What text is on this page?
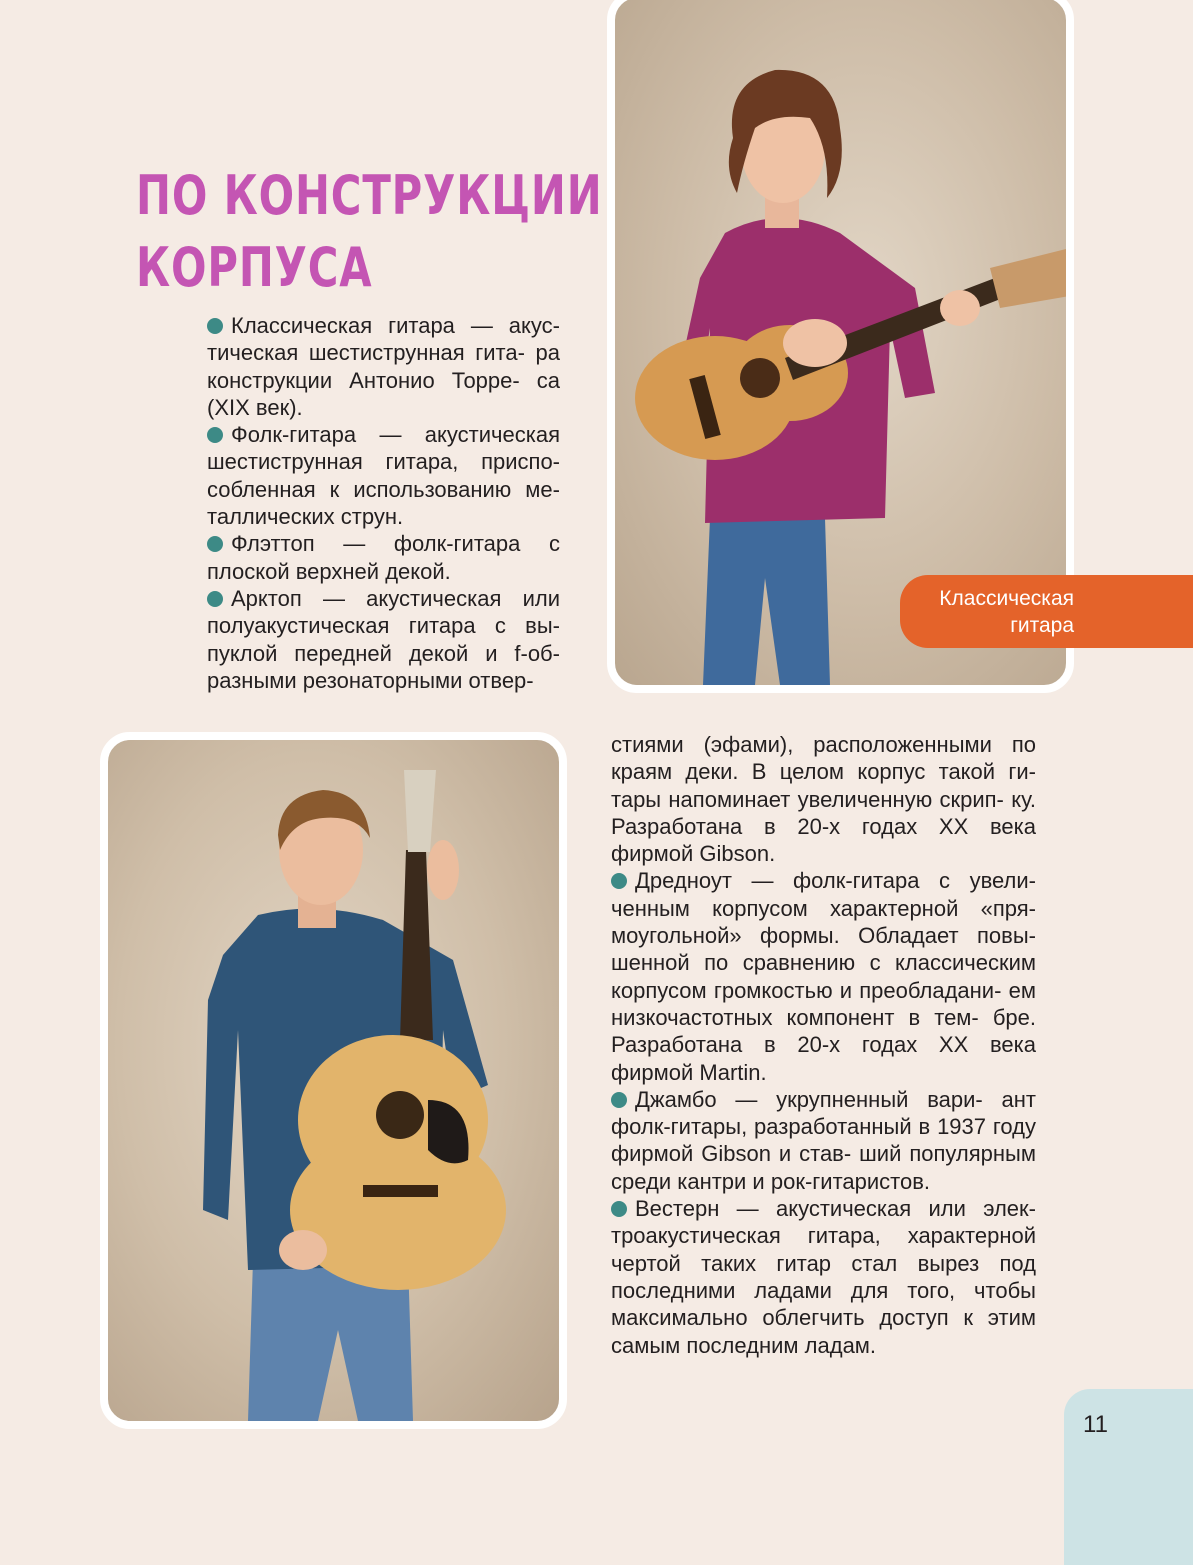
ПО КОНСТРУКЦИИ
КОРПУСА

Классическая гитара — акус- тическая шестиструнная гита- ра конструкции Антонио Торре- са (XIX век).

Фолк-гитара — акустическая шестиструнная гитара, приспо- собленная к использованию ме- таллических струн.

Флэттоп — фолк-гитара с плоской верхней декой.

Арктоп — акустическая или полуакустическая гитара с вы- пуклой передней декой и f-об- разными резонаторными отвер-

Классическая
гитара

стиями (эфами), расположенными по краям деки. В целом корпус такой ги- тары напоминает увеличенную скрип- ку. Разработана в 20-х годах XX века фирмой Gibson.

Дредноут — фолк-гитара с увели- ченным корпусом характерной «пря- моугольной» формы. Обладает повы- шенной по сравнению с классическим корпусом громкостью и преобладани- ем низкочастотных компонент в тем- бре. Разработана в 20-х годах XX века фирмой Martin.

Джамбо — укрупненный вари- ант фолк-гитары, разработанный в 1937 году фирмой Gibson и став- ший популярным среди кантри и рок-гитаристов.

Вестерн — акустическая или элек- троакустическая гитара, характерной чертой таких гитар стал вырез под последними ладами для того, чтобы максимально облегчить доступ к этим самым последним ладам.

11
